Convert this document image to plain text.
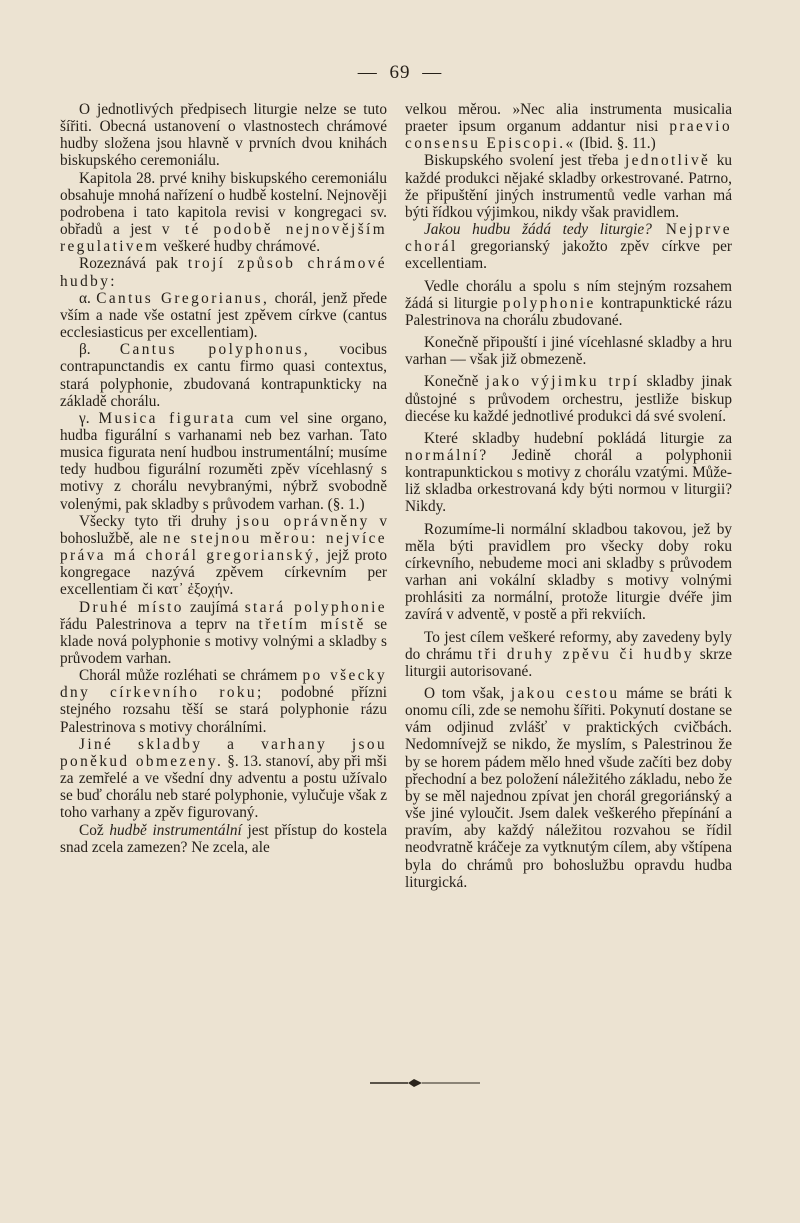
— 69 —

O jednotlivých předpisech liturgie nelze se tuto šířiti. Obecná ustanovení o vlastnostech chrámové hudby složena jsou hlavně v prvních dvou knihách biskupského ceremoniálu.

Kapitola 28. prvé knihy biskupského ceremoniálu obsahuje mnohá nařízení o hudbě kostelní. Nejnověji podrobena i tato kapitola revisi v kongregaci sv. obřadů a jest v té podobě nejnovějším regulativem veškeré hudby chrámové.

Rozeznává pak trojí způsob chrámové hudby:

α. Cantus Gregorianus, chorál, jenž přede vším a nade vše ostatní jest zpěvem církve (cantus ecclesiasticus per excellentiam).

β. Cantus polyphonus, vocibus contrapunctandis ex cantu firmo quasi contextus, stará polyphonie, zbudovaná kontrapunkticky na základě chorálu.

γ. Musica figurata cum vel sine organo, hudba figurální s varhanami neb bez varhan. Tato musica figurata není hudbou instrumentální; musíme tedy hudbou figurální rozuměti zpěv vícehlasný s motivy z chorálu nevybranými, nýbrž svobodně volenými, pak skladby s průvodem varhan. (§. 1.)

Všecky tyto tři druhy jsou oprávněny v bohoslužbě, ale ne stejnou měrou: nejvíce práva má chorál gregorianský, jejž proto kongregace nazývá zpěvem církevním per excellentiam či κατ᾽ ἐξοχήν.

Druhé místo zaujímá stará polyphonie řádu Palestrinova a teprv na třetím místě se klade nová polyphonie s motivy volnými a skladby s průvodem varhan.

Chorál může rozléhati se chrámem po všecky dny církevního roku; podobné přízni stejného rozsahu těší se stará polyphonie rázu Palestrinova s motivy chorálními.

Jiné skladby a varhany jsou poněkud obmezeny. §. 13. stanoví, aby při mši za zemřelé a ve všední dny adventu a postu užívalo se buď chorálu neb staré polyphonie, vylučuje však z toho varhany a zpěv figurovaný.

Což hudbě instrumentální jest přístup do kostela snad zcela zamezen? Ne zcela, ale

velkou měrou. »Nec alia instrumenta musicalia praeter ipsum organum addantur nisi praevio consensu Episcopi.« (Ibid. §. 11.)

Biskupského svolení jest třeba jednotlivě ku každé produkci nějaké skladby orkestrované. Patrno, že připuštění jiných instrumentů vedle varhan má býti řídkou výjimkou, nikdy však pravidlem.

Jakou hudbu žádá tedy liturgie? Nejprve chorál gregorianský jakožto zpěv církve per excellentiam.

Vedle chorálu a spolu s ním stejným rozsahem žádá si liturgie polyphonie kontrapunktické rázu Palestrinova na chorálu zbudované.

Konečně připouští i jiné vícehlasné skladby a hru varhan — však již obmezeně.

Konečně jako výjimku trpí skladby jinak důstojné s průvodem orchestru, jestliže biskup diecése ku každé jednotlivé produkci dá své svolení.

Které skladby hudební pokládá liturgie za normální? Jedině chorál a polyphonii kontrapunktickou s motivy z chorálu vzatými. Může-liž skladba orkestrovaná kdy býti normou v liturgii? Nikdy.

Rozumíme-li normální skladbou takovou, jež by měla býti pravidlem pro všecky doby roku církevního, nebudeme moci ani skladby s průvodem varhan ani vokální skladby s motivy volnými prohlásiti za normální, protože liturgie dvéře jim zavírá v adventě, v postě a při rekviích.

To jest cílem veškeré reformy, aby zavedeny byly do chrámu tři druhy zpěvu či hudby skrze liturgii autorisované.

O tom však, jakou cestou máme se bráti k onomu cíli, zde se nemohu šířiti. Pokynutí dostane se vám odjinud zvlášť v praktických cvičbách. Nedomnívejž se nikdo, že myslím, s Palestrinou že by se horem pádem mělo hned všude začíti bez doby přechodní a bez položení náležitého základu, nebo že by se měl najednou zpívat jen chorál gregoriánský a vše jiné vyloučit. Jsem dalek veškerého přepínání a pravím, aby každý náležitou rozvahou se řídil neodvratně kráčeje za vytknutým cílem, aby vštípena byla do chrámů pro bohoslužbu opravdu hudba liturgická.
